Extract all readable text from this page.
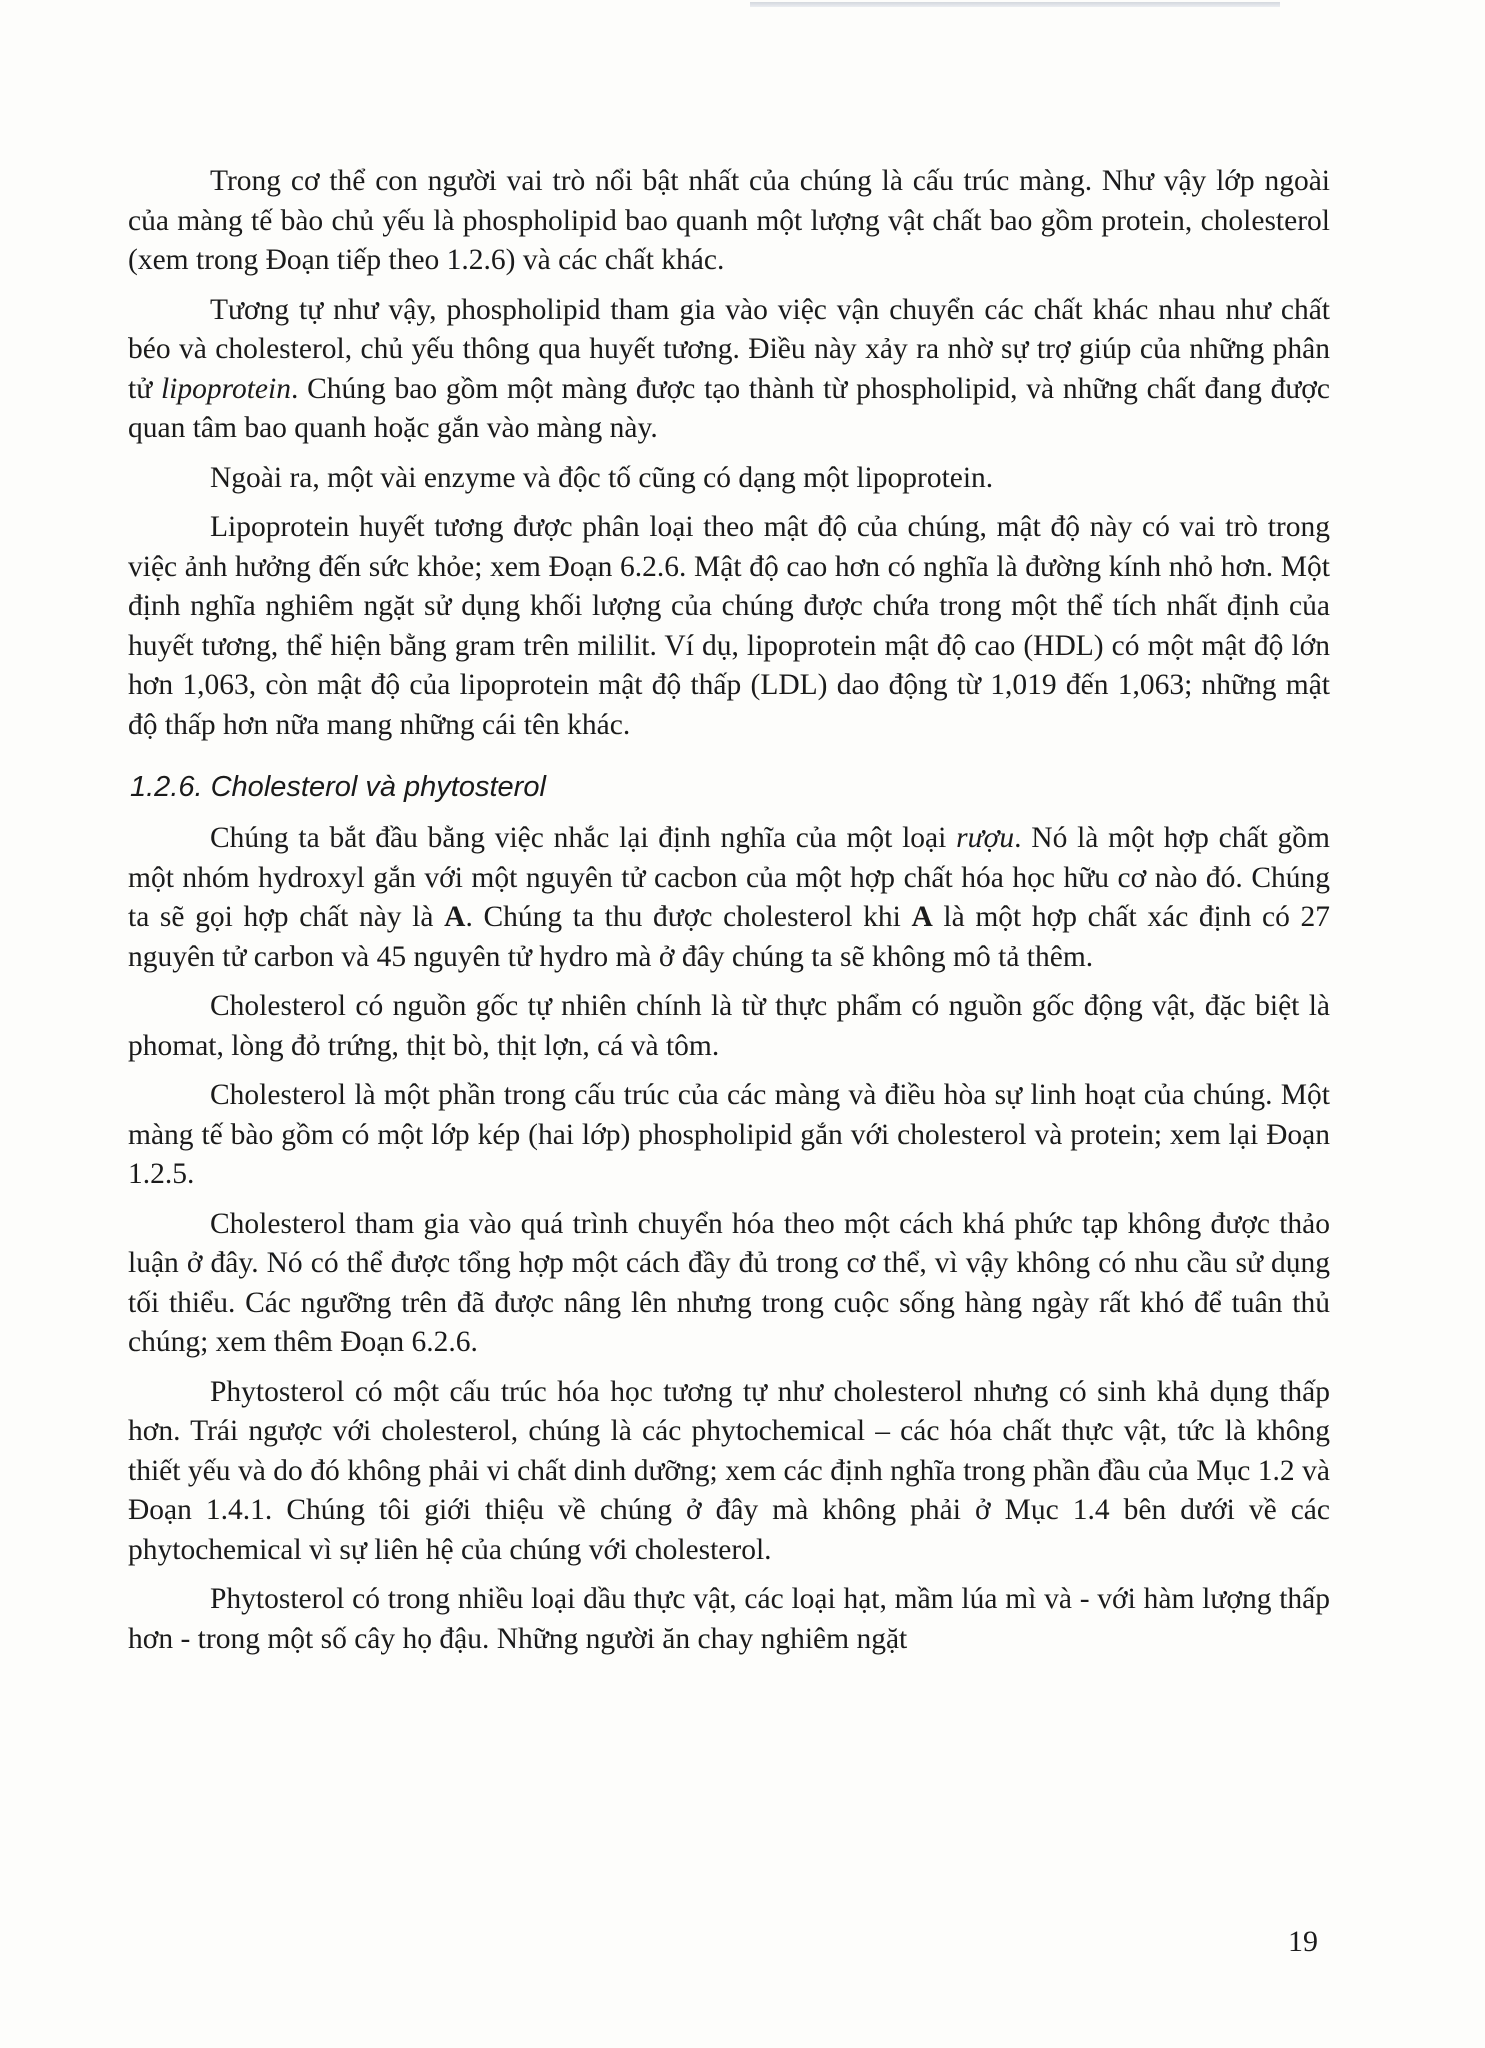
Trong cơ thể con người vai trò nổi bật nhất của chúng là cấu trúc màng. Như vậy lớp ngoài của màng tế bào chủ yếu là phospholipid bao quanh một lượng vật chất bao gồm protein, cholesterol (xem trong Đoạn tiếp theo 1.2.6) và các chất khác.

Tương tự như vậy, phospholipid tham gia vào việc vận chuyển các chất khác nhau như chất béo và cholesterol, chủ yếu thông qua huyết tương. Điều này xảy ra nhờ sự trợ giúp của những phân tử lipoprotein. Chúng bao gồm một màng được tạo thành từ phospholipid, và những chất đang được quan tâm bao quanh hoặc gắn vào màng này.

Ngoài ra, một vài enzyme và độc tố cũng có dạng một lipoprotein.

Lipoprotein huyết tương được phân loại theo mật độ của chúng, mật độ này có vai trò trong việc ảnh hưởng đến sức khỏe; xem Đoạn 6.2.6. Mật độ cao hơn có nghĩa là đường kính nhỏ hơn. Một định nghĩa nghiêm ngặt sử dụng khối lượng của chúng được chứa trong một thể tích nhất định của huyết tương, thể hiện bằng gram trên mililit. Ví dụ, lipoprotein mật độ cao (HDL) có một mật độ lớn hơn 1,063, còn mật độ của lipoprotein mật độ thấp (LDL) dao động từ 1,019 đến 1,063; những mật độ thấp hơn nữa mang những cái tên khác.

1.2.6. Cholesterol và phytosterol

Chúng ta bắt đầu bằng việc nhắc lại định nghĩa của một loại rượu. Nó là một hợp chất gồm một nhóm hydroxyl gắn với một nguyên tử cacbon của một hợp chất hóa học hữu cơ nào đó. Chúng ta sẽ gọi hợp chất này là A. Chúng ta thu được cholesterol khi A là một hợp chất xác định có 27 nguyên tử carbon và 45 nguyên tử hydro mà ở đây chúng ta sẽ không mô tả thêm.

Cholesterol có nguồn gốc tự nhiên chính là từ thực phẩm có nguồn gốc động vật, đặc biệt là phomat, lòng đỏ trứng, thịt bò, thịt lợn, cá và tôm.

Cholesterol là một phần trong cấu trúc của các màng và điều hòa sự linh hoạt của chúng. Một màng tế bào gồm có một lớp kép (hai lớp) phospholipid gắn với cholesterol và protein; xem lại Đoạn 1.2.5.

Cholesterol tham gia vào quá trình chuyển hóa theo một cách khá phức tạp không được thảo luận ở đây. Nó có thể được tổng hợp một cách đầy đủ trong cơ thể, vì vậy không có nhu cầu sử dụng tối thiểu. Các ngưỡng trên đã được nâng lên nhưng trong cuộc sống hàng ngày rất khó để tuân thủ chúng; xem thêm Đoạn 6.2.6.

Phytosterol có một cấu trúc hóa học tương tự như cholesterol nhưng có sinh khả dụng thấp hơn. Trái ngược với cholesterol, chúng là các phytochemical – các hóa chất thực vật, tức là không thiết yếu và do đó không phải vi chất dinh dưỡng; xem các định nghĩa trong phần đầu của Mục 1.2 và Đoạn 1.4.1. Chúng tôi giới thiệu về chúng ở đây mà không phải ở Mục 1.4 bên dưới về các phytochemical vì sự liên hệ của chúng với cholesterol.

Phytosterol có trong nhiều loại dầu thực vật, các loại hạt, mầm lúa mì và - với hàm lượng thấp hơn - trong một số cây họ đậu. Những người ăn chay nghiêm ngặt

19
